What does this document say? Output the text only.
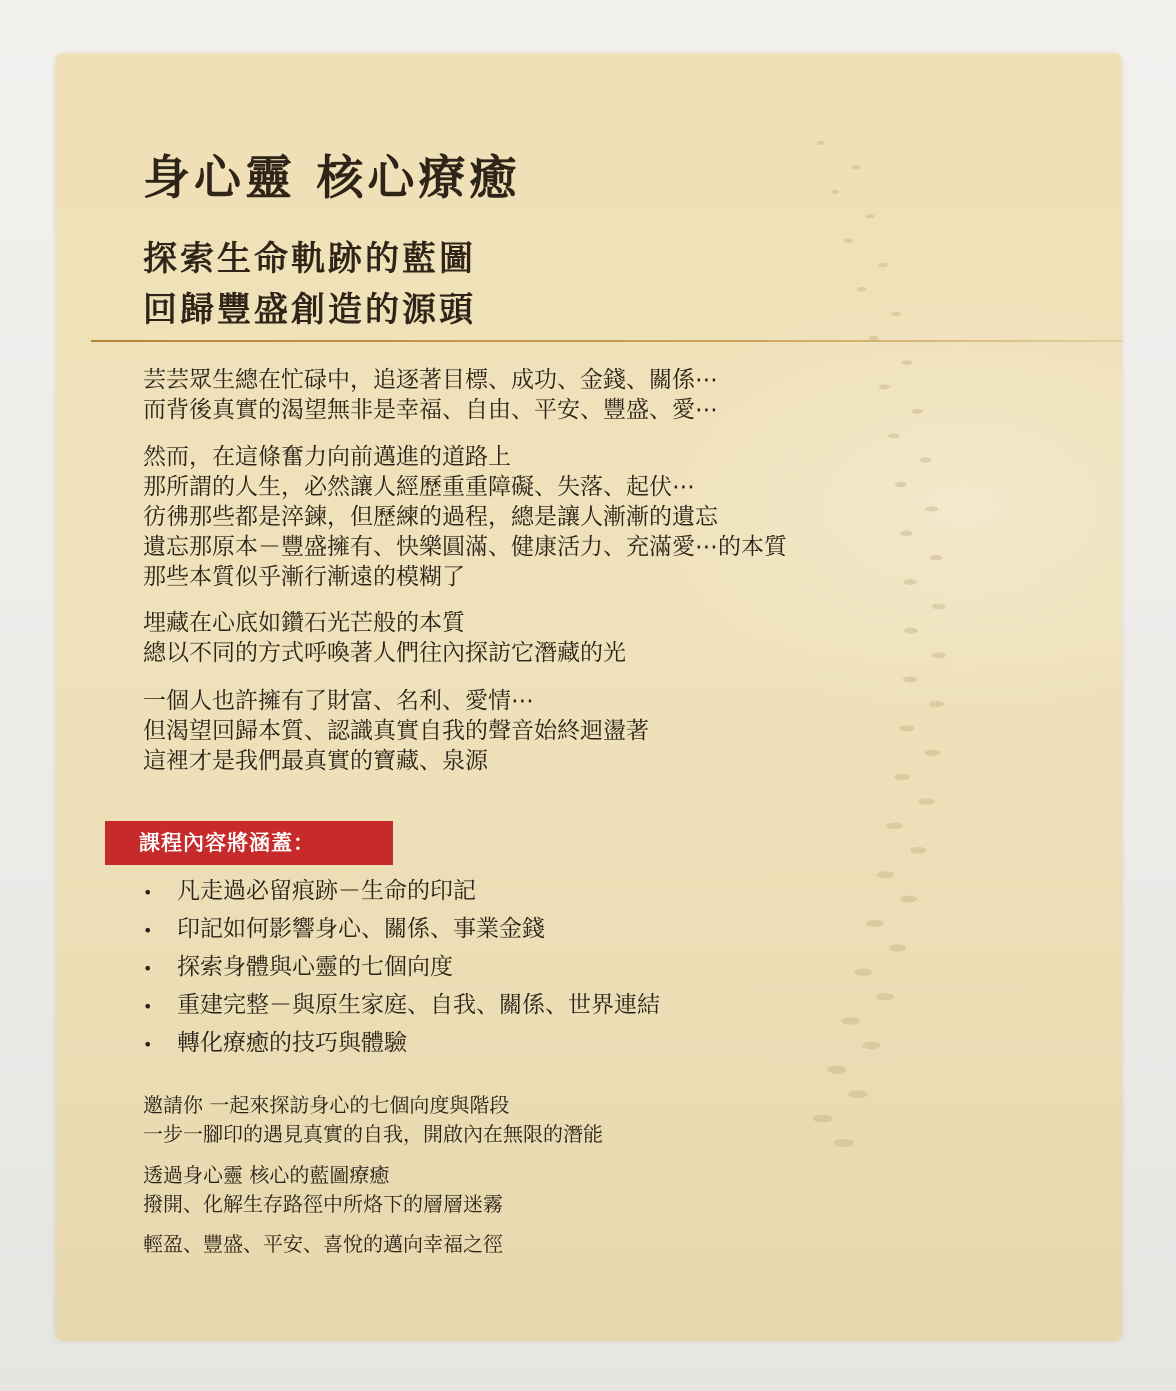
身心靈 核心療癒
探索生命軌跡的藍圖
回歸豐盛創造的源頭
芸芸眾生總在忙碌中，追逐著目標、成功、金錢、關係⋯
而背後真實的渴望無非是幸福、自由、平安、豐盛、愛⋯
然而，在這條奮力向前邁進的道路上
那所謂的人生，必然讓人經歷重重障礙、失落、起伏⋯
彷彿那些都是淬鍊，但歷練的過程，總是讓人漸漸的遺忘
遺忘那原本－豐盛擁有、快樂圓滿、健康活力、充滿愛⋯的本質
那些本質似乎漸行漸遠的模糊了
埋藏在心底如鑽石光芒般的本質
總以不同的方式呼喚著人們往內探訪它潛藏的光
一個人也許擁有了財富、名利、愛情⋯
但渴望回歸本質、認識真實自我的聲音始終迴盪著
這裡才是我們最真實的寶藏、泉源
課程內容將涵蓋：
• 凡走過必留痕跡－生命的印記
• 印記如何影響身心、關係、事業金錢
• 探索身體與心靈的七個向度
• 重建完整－與原生家庭、自我、關係、世界連結
• 轉化療癒的技巧與體驗
邀請你 一起來探訪身心的七個向度與階段
一步一腳印的遇見真實的自我，開啟內在無限的潛能
透過身心靈 核心的藍圖療癒
撥開、化解生存路徑中所烙下的層層迷霧
輕盈、豐盛、平安、喜悅的邁向幸福之徑
